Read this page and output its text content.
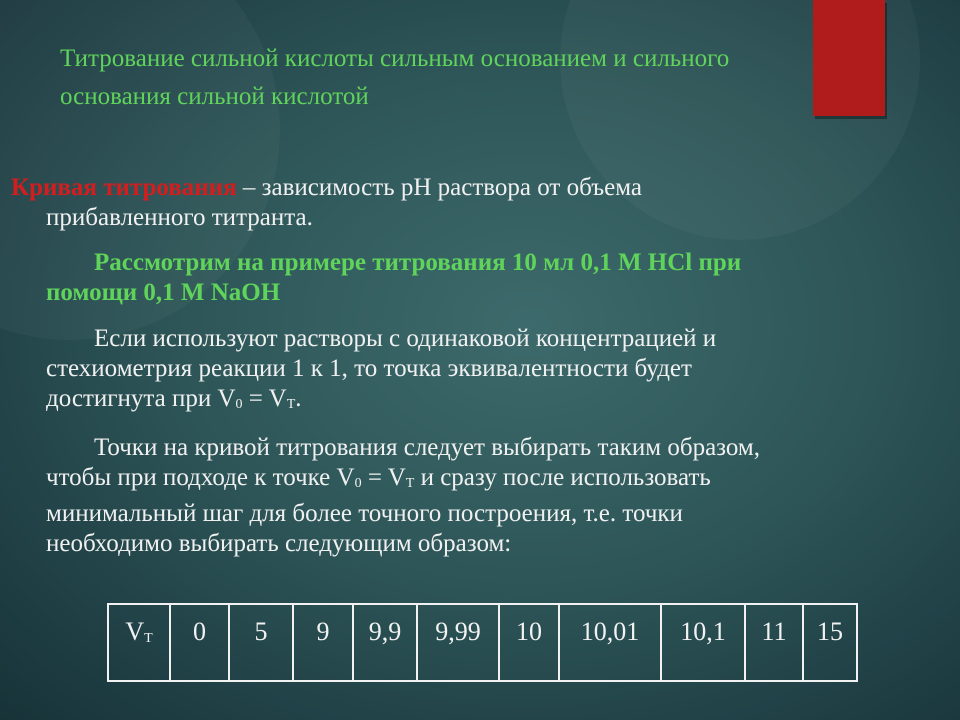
Титрование сильной кислоты сильным основанием и сильного основания сильной кислотой
Кривая титрования – зависимость рН раствора от объема
прибавленного титранта.
Рассмотрим на примере титрования 10 мл 0,1 М HCl при
помощи 0,1 М NaOH
Если используют растворы с одинаковой концентрацией и
стехиометрия реакции 1 к 1, то точка эквивалентности будет
достигнута при $V_0 = V_T$.
Точки на кривой титрования следует выбирать таким образом,
чтобы при подходе к точке $V_0 = V_T$ и сразу после использовать
минимальный шаг для более точного построения, т.е. точки
необходимо выбирать следующим образом:
$V_T$	0	5	9	9,9	9,99	10	10,01	10,1	11	15
